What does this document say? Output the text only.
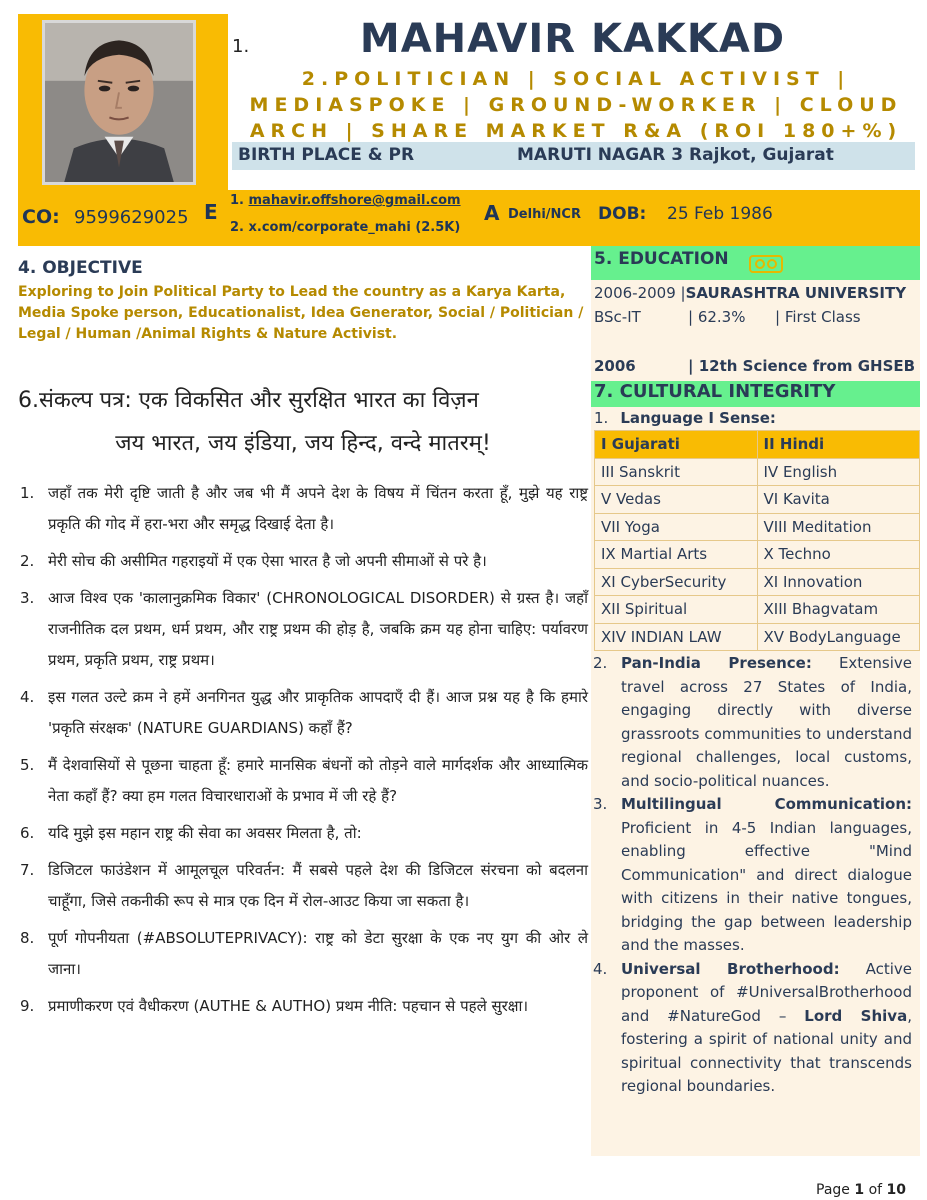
1.	MAHAVIR KAKKAD
2.POLITICIAN | SOCIAL ACTIVIST | MEDIASPOKE | GROUND-WORKER | CLOUD ARCH | SHARE MARKET R&A (ROI 180+%)
BIRTH PLACE & PR	MARUTI NAGAR 3 Rajkot, Gujarat
CO: 9599629025 E 1. mahavir.offshore@gmail.com
2. x.com/corporate_mahi (2.5K)
A Delhi/NCR DOB: 25 Feb 1986
4. OBJECTIVE
Exploring to Join Political Party to Lead the country as a Karya Karta, Media Spoke person, Educationalist, Idea Generator, Social / Politician / Legal / Human /Animal Rights & Nature Activist.
6.संकल्प पत्र: एक विकसित और सुरक्षित भारत का विज़न
जय भारत, जय इंडिया, जय हिन्द, वन्दे मातरम्!
1. जहाँ तक मेरी दृष्टि जाती है और जब भी मैं अपने देश के विषय में चिंतन करता हूँ, मुझे यह राष्ट्र प्रकृति की गोद में हरा-भरा और समृद्ध दिखाई देता है।
2. मेरी सोच की असीमित गहराइयों में एक ऐसा भारत है जो अपनी सीमाओं से परे है।
3. आज विश्व एक 'कालानुक्रमिक विकार' (CHRONOLOGICAL DISORDER) से ग्रस्त है। जहाँ राजनीतिक दल प्रथम, धर्म प्रथम, और राष्ट्र प्रथम की होड़ है, जबकि क्रम यह होना चाहिए: पर्यावरण प्रथम, प्रकृति प्रथम, राष्ट्र प्रथम।
4. इस गलत उल्टे क्रम ने हमें अनगिनत युद्ध और प्राकृतिक आपदाएँ दी हैं। आज प्रश्न यह है कि हमारे 'प्रकृति संरक्षक' (NATURE GUARDIANS) कहाँ हैं?
5. मैं देशवासियों से पूछना चाहता हूँ: हमारे मानसिक बंधनों को तोड़ने वाले मार्गदर्शक और आध्यात्मिक नेता कहाँ हैं? क्या हम गलत विचारधाराओं के प्रभाव में जी रहे हैं?
6. यदि मुझे इस महान राष्ट्र की सेवा का अवसर मिलता है, तो:
7. डिजिटल फाउंडेशन में आमूलचूल परिवर्तन: मैं सबसे पहले देश की डिजिटल संरचना को बदलना चाहूँगा, जिसे तकनीकी रूप से मात्र एक दिन में रोल-आउट किया जा सकता है।
8. पूर्ण गोपनीयता (#ABSOLUTEPRIVACY): राष्ट्र को डेटा सुरक्षा के एक नए युग की ओर ले जाना।
9. प्रमाणीकरण एवं वैधीकरण (AUTHE & AUTHO) प्रथम नीति: पहचान से पहले सुरक्षा।
5. EDUCATION
2006-2009 |SAURASHTRA UNIVERSITY
BSc-IT	| 62.3% | First Class
2006	| 12th Science from GHSEB
7. CULTURAL INTEGRITY
1. Language I Sense:
I Gujarati	II Hindi
III Sanskrit	IV English
V Vedas	VI Kavita
VII Yoga	VIII Meditation
IX Martial Arts	X Techno
XI CyberSecurity	XI Innovation
XII Spiritual	XIII Bhagvatam
XIV INDIAN LAW	XV BodyLanguage
2. Pan-India Presence: Extensive travel across 27 States of India, engaging directly with diverse grassroots communities to understand regional challenges, local customs, and socio-political nuances.
3. Multilingual Communication: Proficient in 4-5 Indian languages, enabling effective "Mind Communication" and direct dialogue with citizens in their native tongues, bridging the gap between leadership and the masses.
4. Universal Brotherhood: Active proponent of #UniversalBrotherhood and #NatureGod – Lord Shiva, fostering a spirit of national unity and spiritual connectivity that transcends regional boundaries.
Page 1 of 10
